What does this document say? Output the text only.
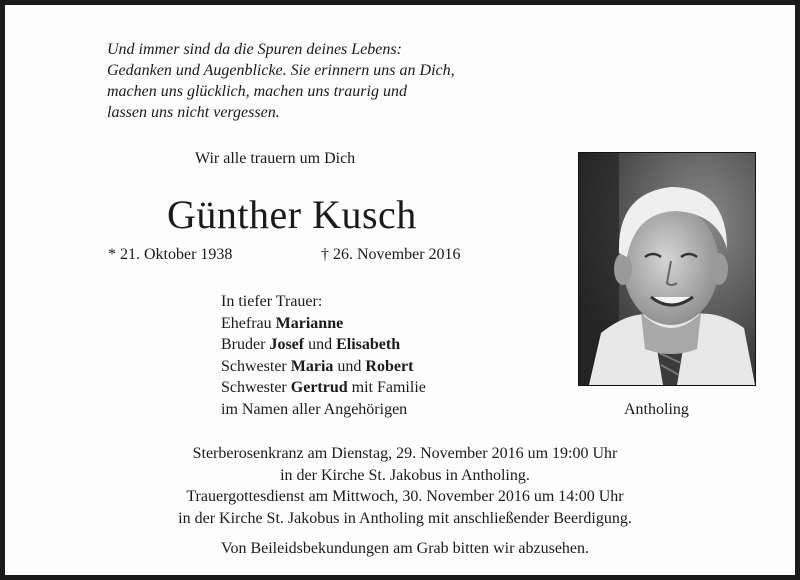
Und immer sind da die Spuren deines Lebens:
Gedanken und Augenblicke. Sie erinnern uns an Dich,
machen uns glücklich, machen uns traurig und
lassen uns nicht vergessen.
Wir alle trauern um Dich
Günther Kusch
* 21. Oktober 1938	† 26. November 2016
In tiefer Trauer:
Ehefrau Marianne
Bruder Josef und Elisabeth
Schwester Maria und Robert
Schwester Gertrud mit Familie
im Namen aller Angehörigen	Antholing
Sterberosenkranz am Dienstag, 29. November 2016 um 19:00 Uhr
in der Kirche St. Jakobus in Antholing.
Trauergottesdienst am Mittwoch, 30. November 2016 um 14:00 Uhr
in der Kirche St. Jakobus in Antholing mit anschließender Beerdigung.
Von Beileidsbekundungen am Grab bitten wir abzusehen.
